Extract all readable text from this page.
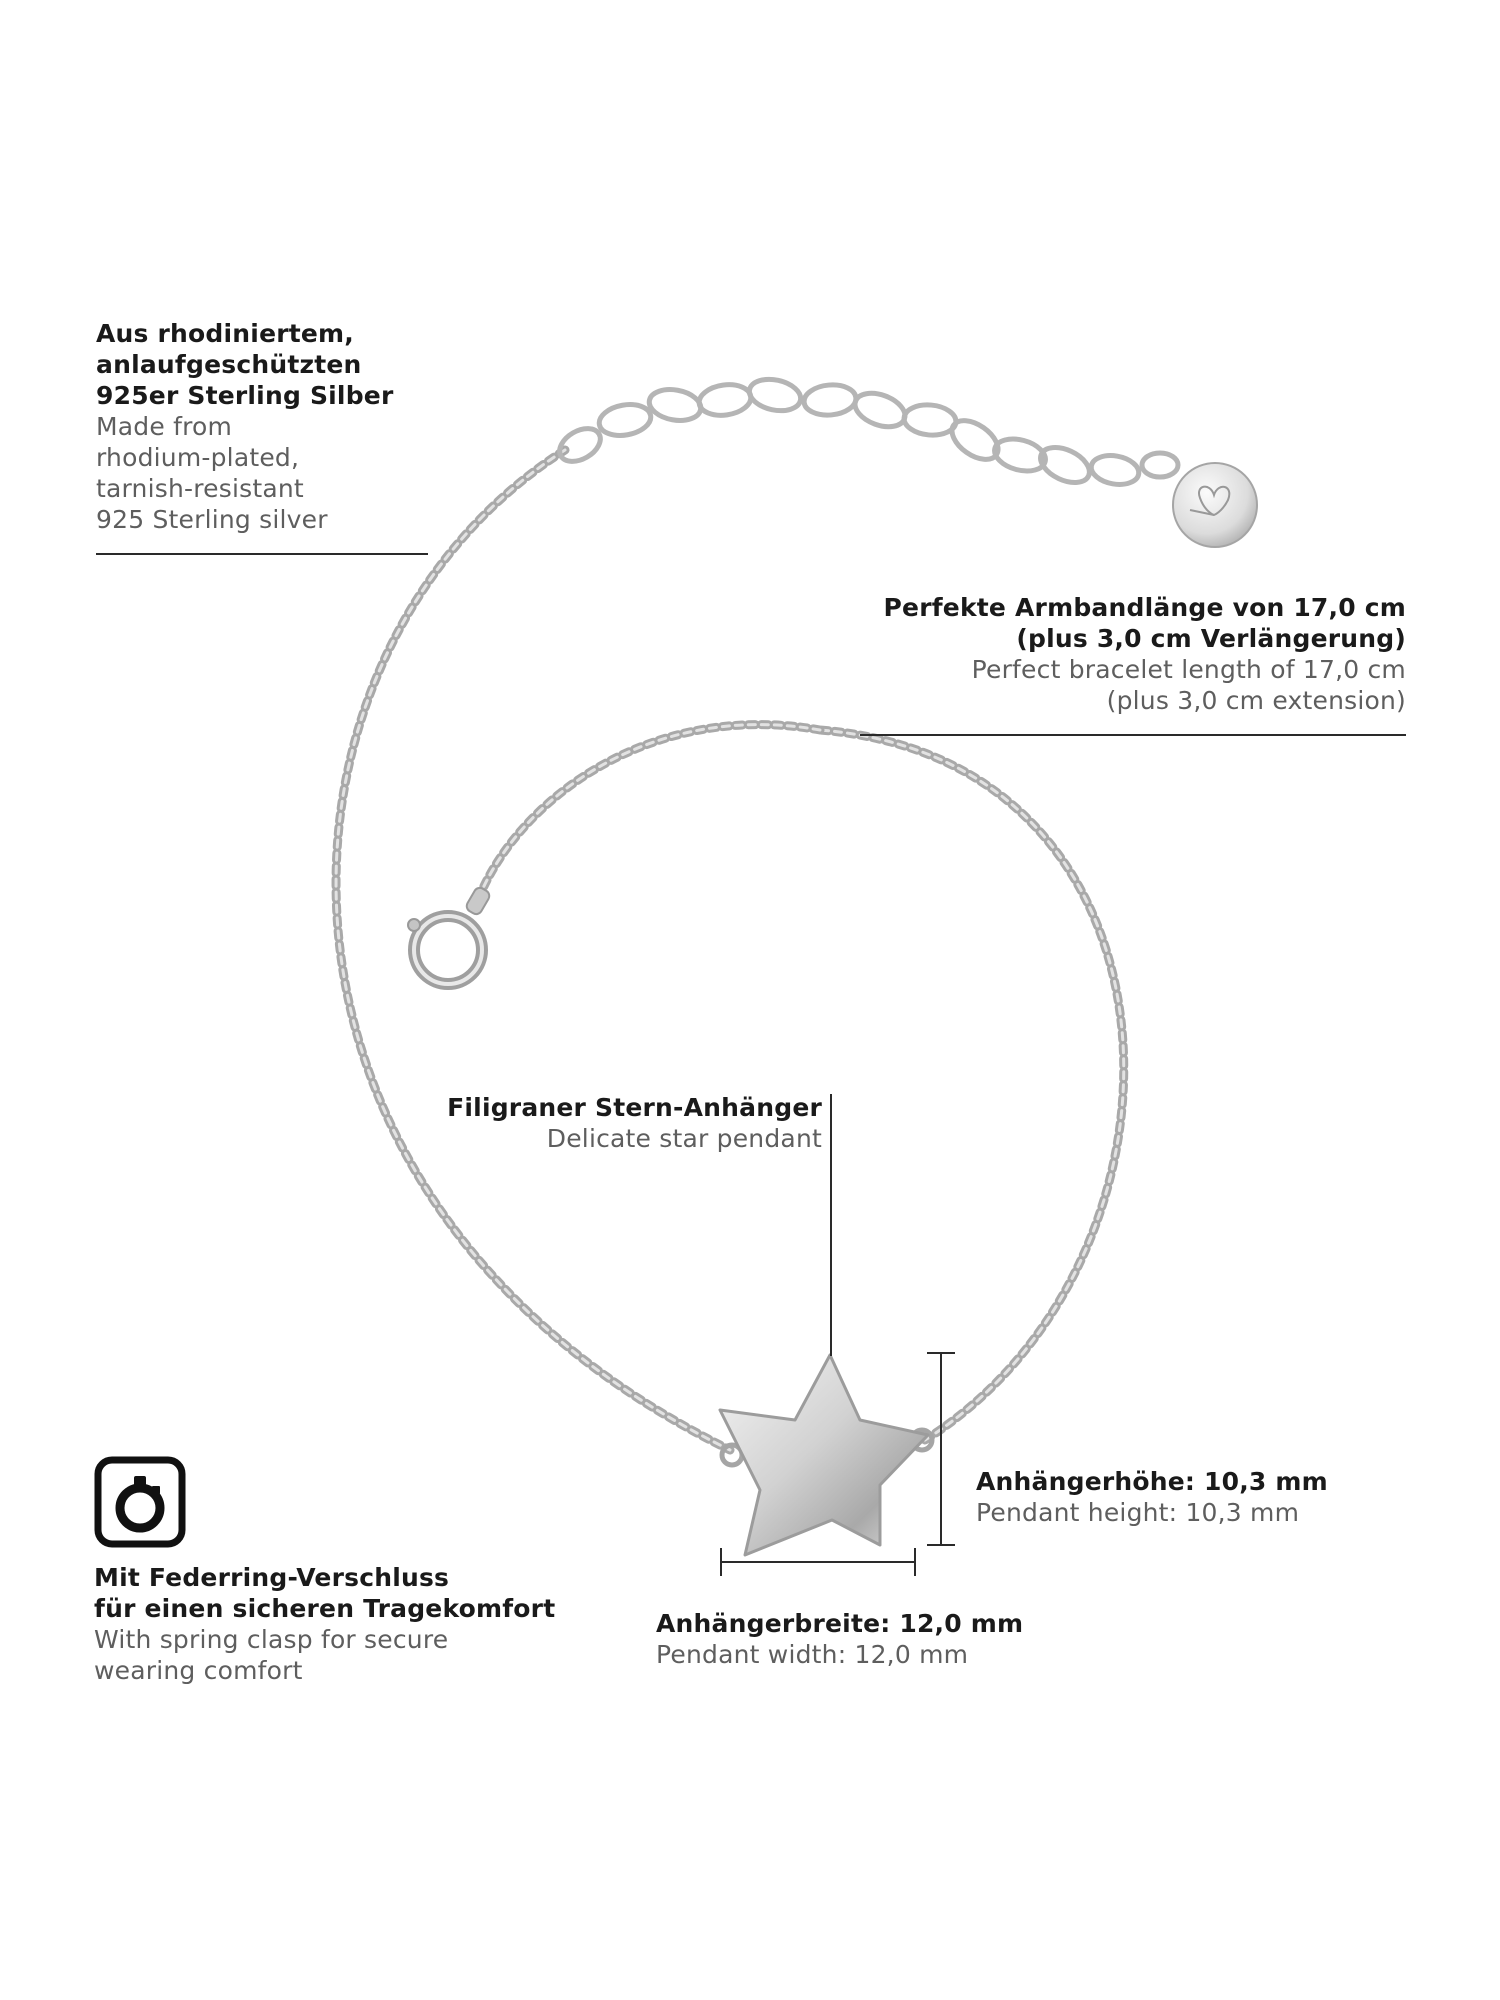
Aus rhodiniertem,
anlaufgeschützten
925er Sterling Silber
Made from
rhodium-plated,
tarnish-resistant
925 Sterling silver
Perfekte Armbandlänge von 17,0 cm
(plus 3,0 cm Verlängerung)
Perfect bracelet length of 17,0 cm
(plus 3,0 cm extension)
Filigraner Stern-Anhänger
Delicate star pendant
Anhängerhöhe: 10,3 mm
Pendant height: 10,3 mm
Anhängerbreite: 12,0 mm
Pendant width: 12,0 mm
Mit Federring-Verschluss
für einen sicheren Tragekomfort
With spring clasp for secure
wearing comfort
